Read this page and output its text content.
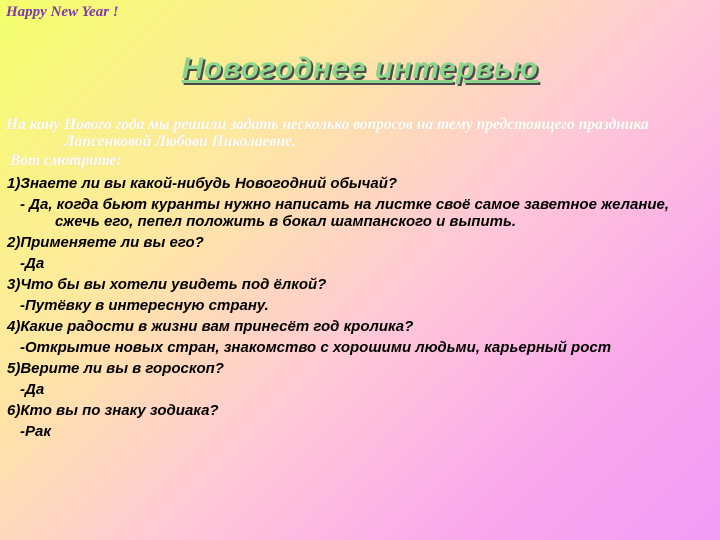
Happy New Year !
Новогоднее интервью
На кону Нового года мы решили задать несколько вопросов на тему предстоящего праздника Лапсенковой Любови Николаевне.
Вот смотрите:
1)Знаете ли вы какой-нибудь Новогодний обычай?
- Да, когда бьют куранты нужно написать на листке своё самое заветное желание, сжечь его, пепел положить в бокал шампанского и выпить.
2)Применяете ли вы его?
-Да
3)Что бы вы хотели увидеть под ёлкой?
-Путёвку в интересную страну.
4)Какие радости в жизни вам принесёт год кролика?
-Открытие новых стран, знакомство с хорошими людьми, карьерный рост
5)Верите ли вы в гороскоп?
-Да
6)Кто вы по знаку зодиака?
-Рак
